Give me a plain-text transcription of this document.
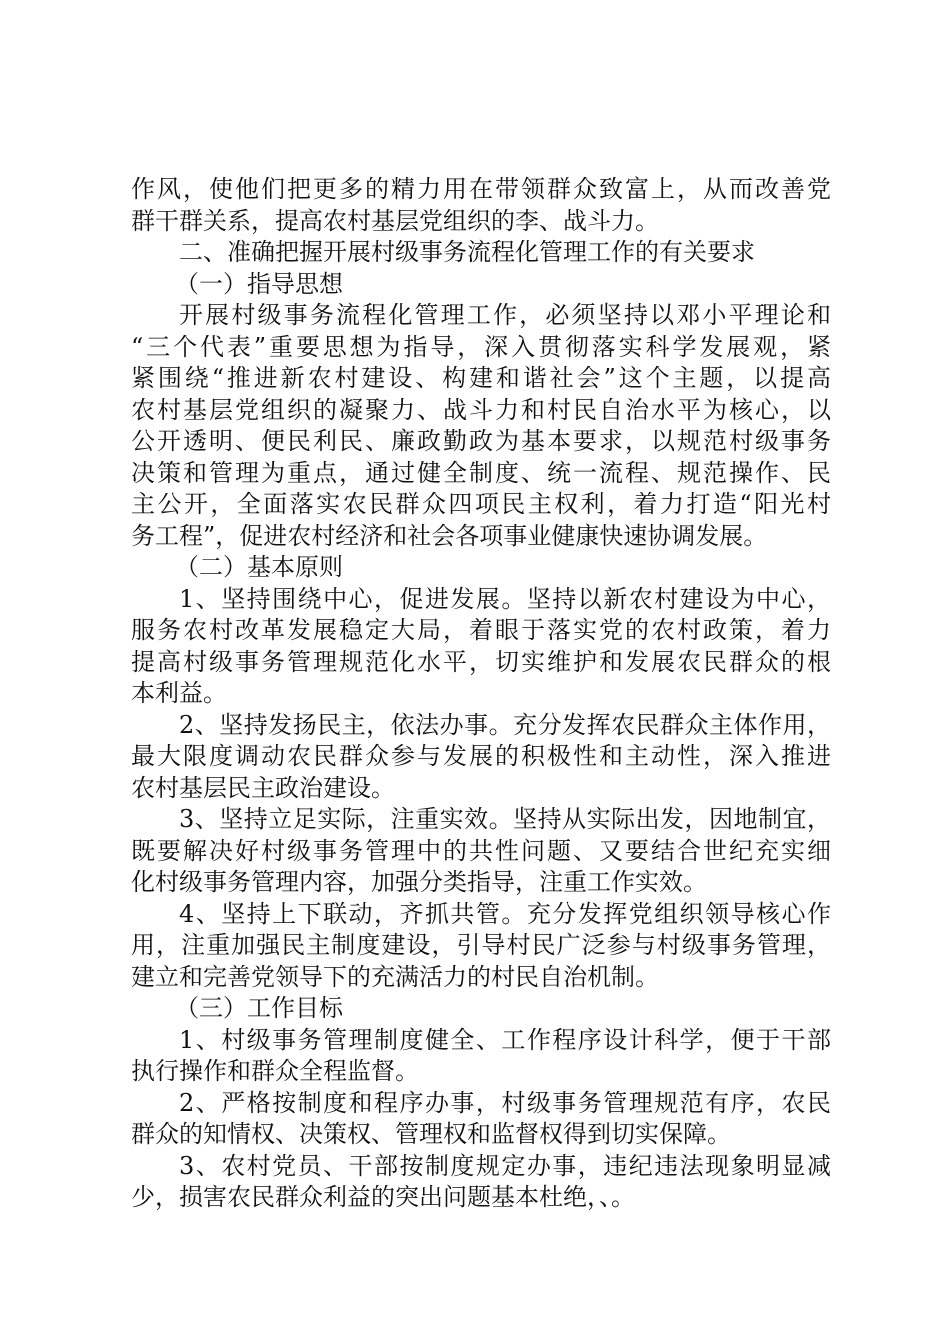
作风，使他们把更多的精力用在带领群众致富上，从而改善党
群干群关系，提高农村基层党组织的李、战斗力。
二、准确把握开展村级事务流程化管理工作的有关要求
（一）指导思想
开展村级事务流程化管理工作，必须坚持以邓小平理论和
“三个代表”重要思想为指导，深入贯彻落实科学发展观，紧
紧围绕“推进新农村建设、构建和谐社会”这个主题，以提高
农村基层党组织的凝聚力、战斗力和村民自治水平为核心，以
公开透明、便民利民、廉政勤政为基本要求，以规范村级事务
决策和管理为重点，通过健全制度、统一流程、规范操作、民
主公开，全面落实农民群众四项民主权利，着力打造“阳光村
务工程”，促进农村经济和社会各项事业健康快速协调发展。
（二）基本原则
1、坚持围绕中心，促进发展。坚持以新农村建设为中心，
服务农村改革发展稳定大局，着眼于落实党的农村政策，着力
提高村级事务管理规范化水平，切实维护和发展农民群众的根
本利益。
2、坚持发扬民主，依法办事。充分发挥农民群众主体作用，
最大限度调动农民群众参与发展的积极性和主动性，深入推进
农村基层民主政治建设。
3、坚持立足实际，注重实效。坚持从实际出发，因地制宜，
既要解决好村级事务管理中的共性问题、又要结合世纪充实细
化村级事务管理内容，加强分类指导，注重工作实效。
4、坚持上下联动，齐抓共管。充分发挥党组织领导核心作
用，注重加强民主制度建设，引导村民广泛参与村级事务管理，
建立和完善党领导下的充满活力的村民自治机制。
（三）工作目标
1、村级事务管理制度健全、工作程序设计科学，便于干部
执行操作和群众全程监督。
2、严格按制度和程序办事，村级事务管理规范有序，农民
群众的知情权、决策权、管理权和监督权得到切实保障。
3、农村党员、干部按制度规定办事，违纪违法现象明显减
少，损害农民群众利益的突出问题基本杜绝，、。
